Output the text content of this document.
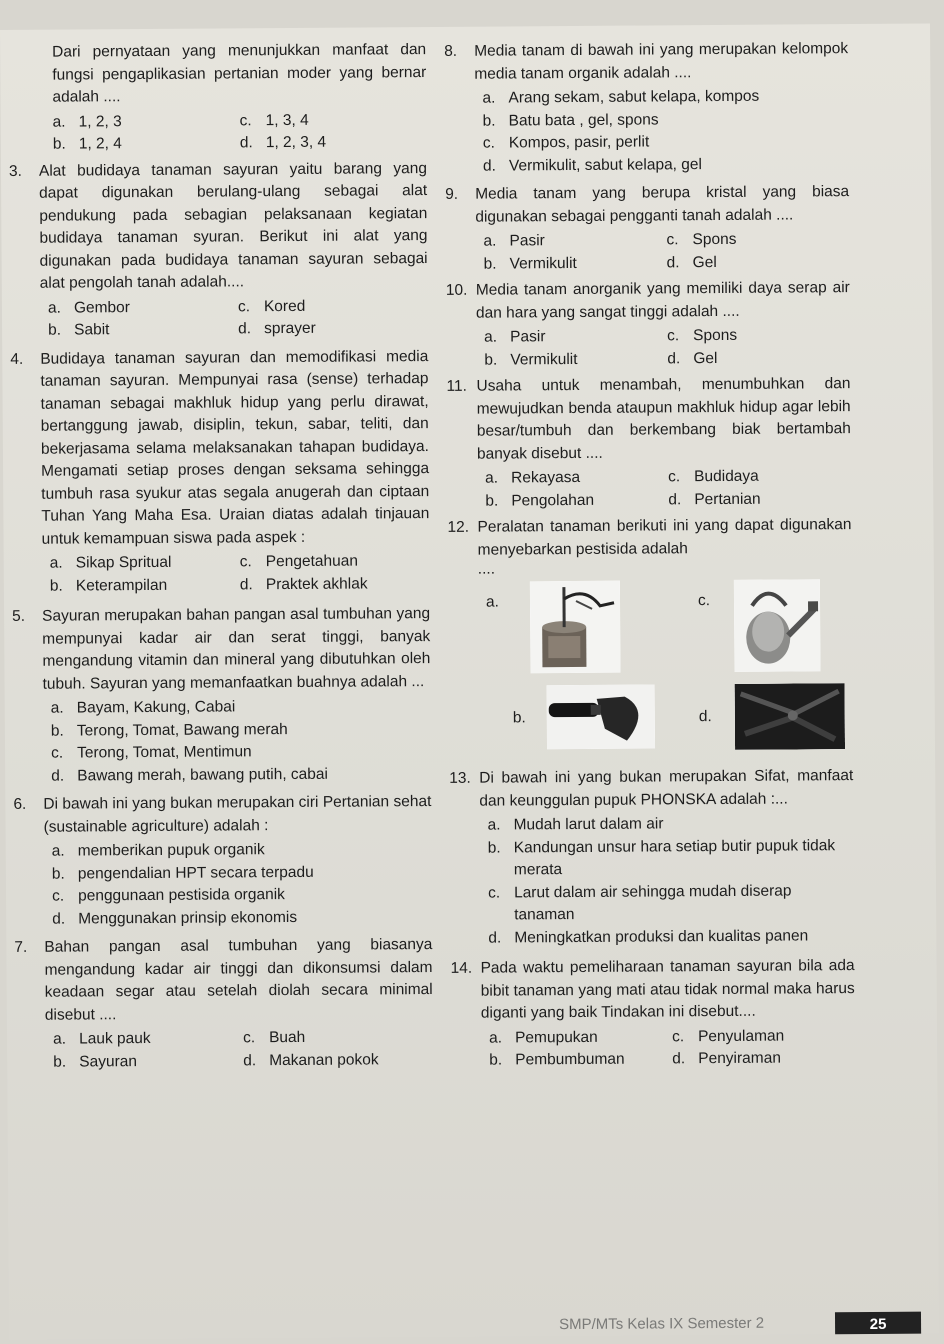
Dari pernyataan yang menunjukkan manfaat dan fungsi pengaplikasian pertanian moder yang bernar adalah ....
a. 1, 2, 3	c. 1, 3, 4
b. 1, 2, 4	d. 1, 2, 3, 4
3. Alat budidaya tanaman sayuran yaitu barang yang dapat digunakan berulang-ulang sebagai alat pendukung pada sebagian pelaksanaan kegiatan budidaya tanaman syuran. Berikut ini alat yang digunakan pada budidaya tanaman sayuran sebagai alat pengolah tanah adalah....
a. Gembor	c. Kored
b. Sabit	d. sprayer
4. Budidaya tanaman sayuran dan memodifikasi media tanaman sayuran. Mempunyai rasa (sense) terhadap tanaman sebagai makhluk hidup yang perlu dirawat, bertanggung jawab, disiplin, tekun, sabar, teliti, dan bekerjasama selama melaksanakan tahapan budidaya. Mengamati setiap proses dengan seksama sehingga tumbuh rasa syukur atas segala anugerah dan ciptaan Tuhan Yang Maha Esa. Uraian diatas adalah tinjauan untuk kemampuan siswa pada aspek :
a. Sikap Spritual	c. Pengetahuan
b. Keterampilan	d. Praktek akhlak
5. Sayuran merupakan bahan pangan asal tumbuhan yang mempunyai kadar air dan serat tinggi, banyak mengandung vitamin dan mineral yang dibutuhkan oleh tubuh. Sayuran yang memanfaatkan buahnya adalah ...
a. Bayam, Kakung, Cabai
b. Terong, Tomat, Bawang merah
c. Terong, Tomat, Mentimun
d. Bawang merah, bawang putih, cabai
6. Di bawah ini yang bukan merupakan ciri Pertanian sehat (sustainable agriculture) adalah :
a. memberikan pupuk organik
b. pengendalian HPT secara terpadu
c. penggunaan pestisida organik
d. Menggunakan prinsip ekonomis
7. Bahan pangan asal tumbuhan yang biasanya mengandung kadar air tinggi dan dikonsumsi dalam keadaan segar atau setelah diolah secara minimal disebut ....
a. Lauk pauk	c. Buah
b. Sayuran	d. Makanan pokok
8. Media tanam di bawah ini yang merupakan kelompok media tanam organik adalah ....
a. Arang sekam, sabut kelapa, kompos
b. Batu bata , gel, spons
c. Kompos, pasir, perlit
d. Vermikulit, sabut kelapa, gel
9. Media tanam yang berupa kristal yang biasa digunakan sebagai pengganti tanah adalah ....
a. Pasir	c. Spons
b. Vermikulit	d. Gel
10. Media tanam anorganik yang memiliki daya serap air dan hara yang sangat tinggi adalah ....
a. Pasir	c. Spons
b. Vermikulit	d. Gel
11. Usaha untuk menambah, menumbuhkan dan mewujudkan benda ataupun makhluk hidup agar lebih besar/tumbuh dan berkembang biak bertambah banyak disebut ....
a. Rekayasa	c. Budidaya
b. Pengolahan	d. Pertanian
12. Peralatan tanaman berikuti ini yang dapat digunakan menyebarkan pestisida adalah
....
a.	c.
b.	d.
13. Di bawah ini yang bukan merupakan Sifat, manfaat dan keunggulan pupuk PHONSKA adalah :...
a. Mudah larut dalam air
b. Kandungan unsur hara setiap butir pupuk tidak merata
c. Larut dalam air sehingga mudah diserap tanaman
d. Meningkatkan produksi dan kualitas panen
14. Pada waktu pemeliharaan tanaman sayuran bila ada bibit tanaman yang mati atau tidak normal maka harus diganti yang baik Tindakan ini disebut....
a. Pemupukan	c. Penyulaman
b. Pembumbuman	d. Penyiraman
SMP/MTs Kelas IX Semester 2	25
